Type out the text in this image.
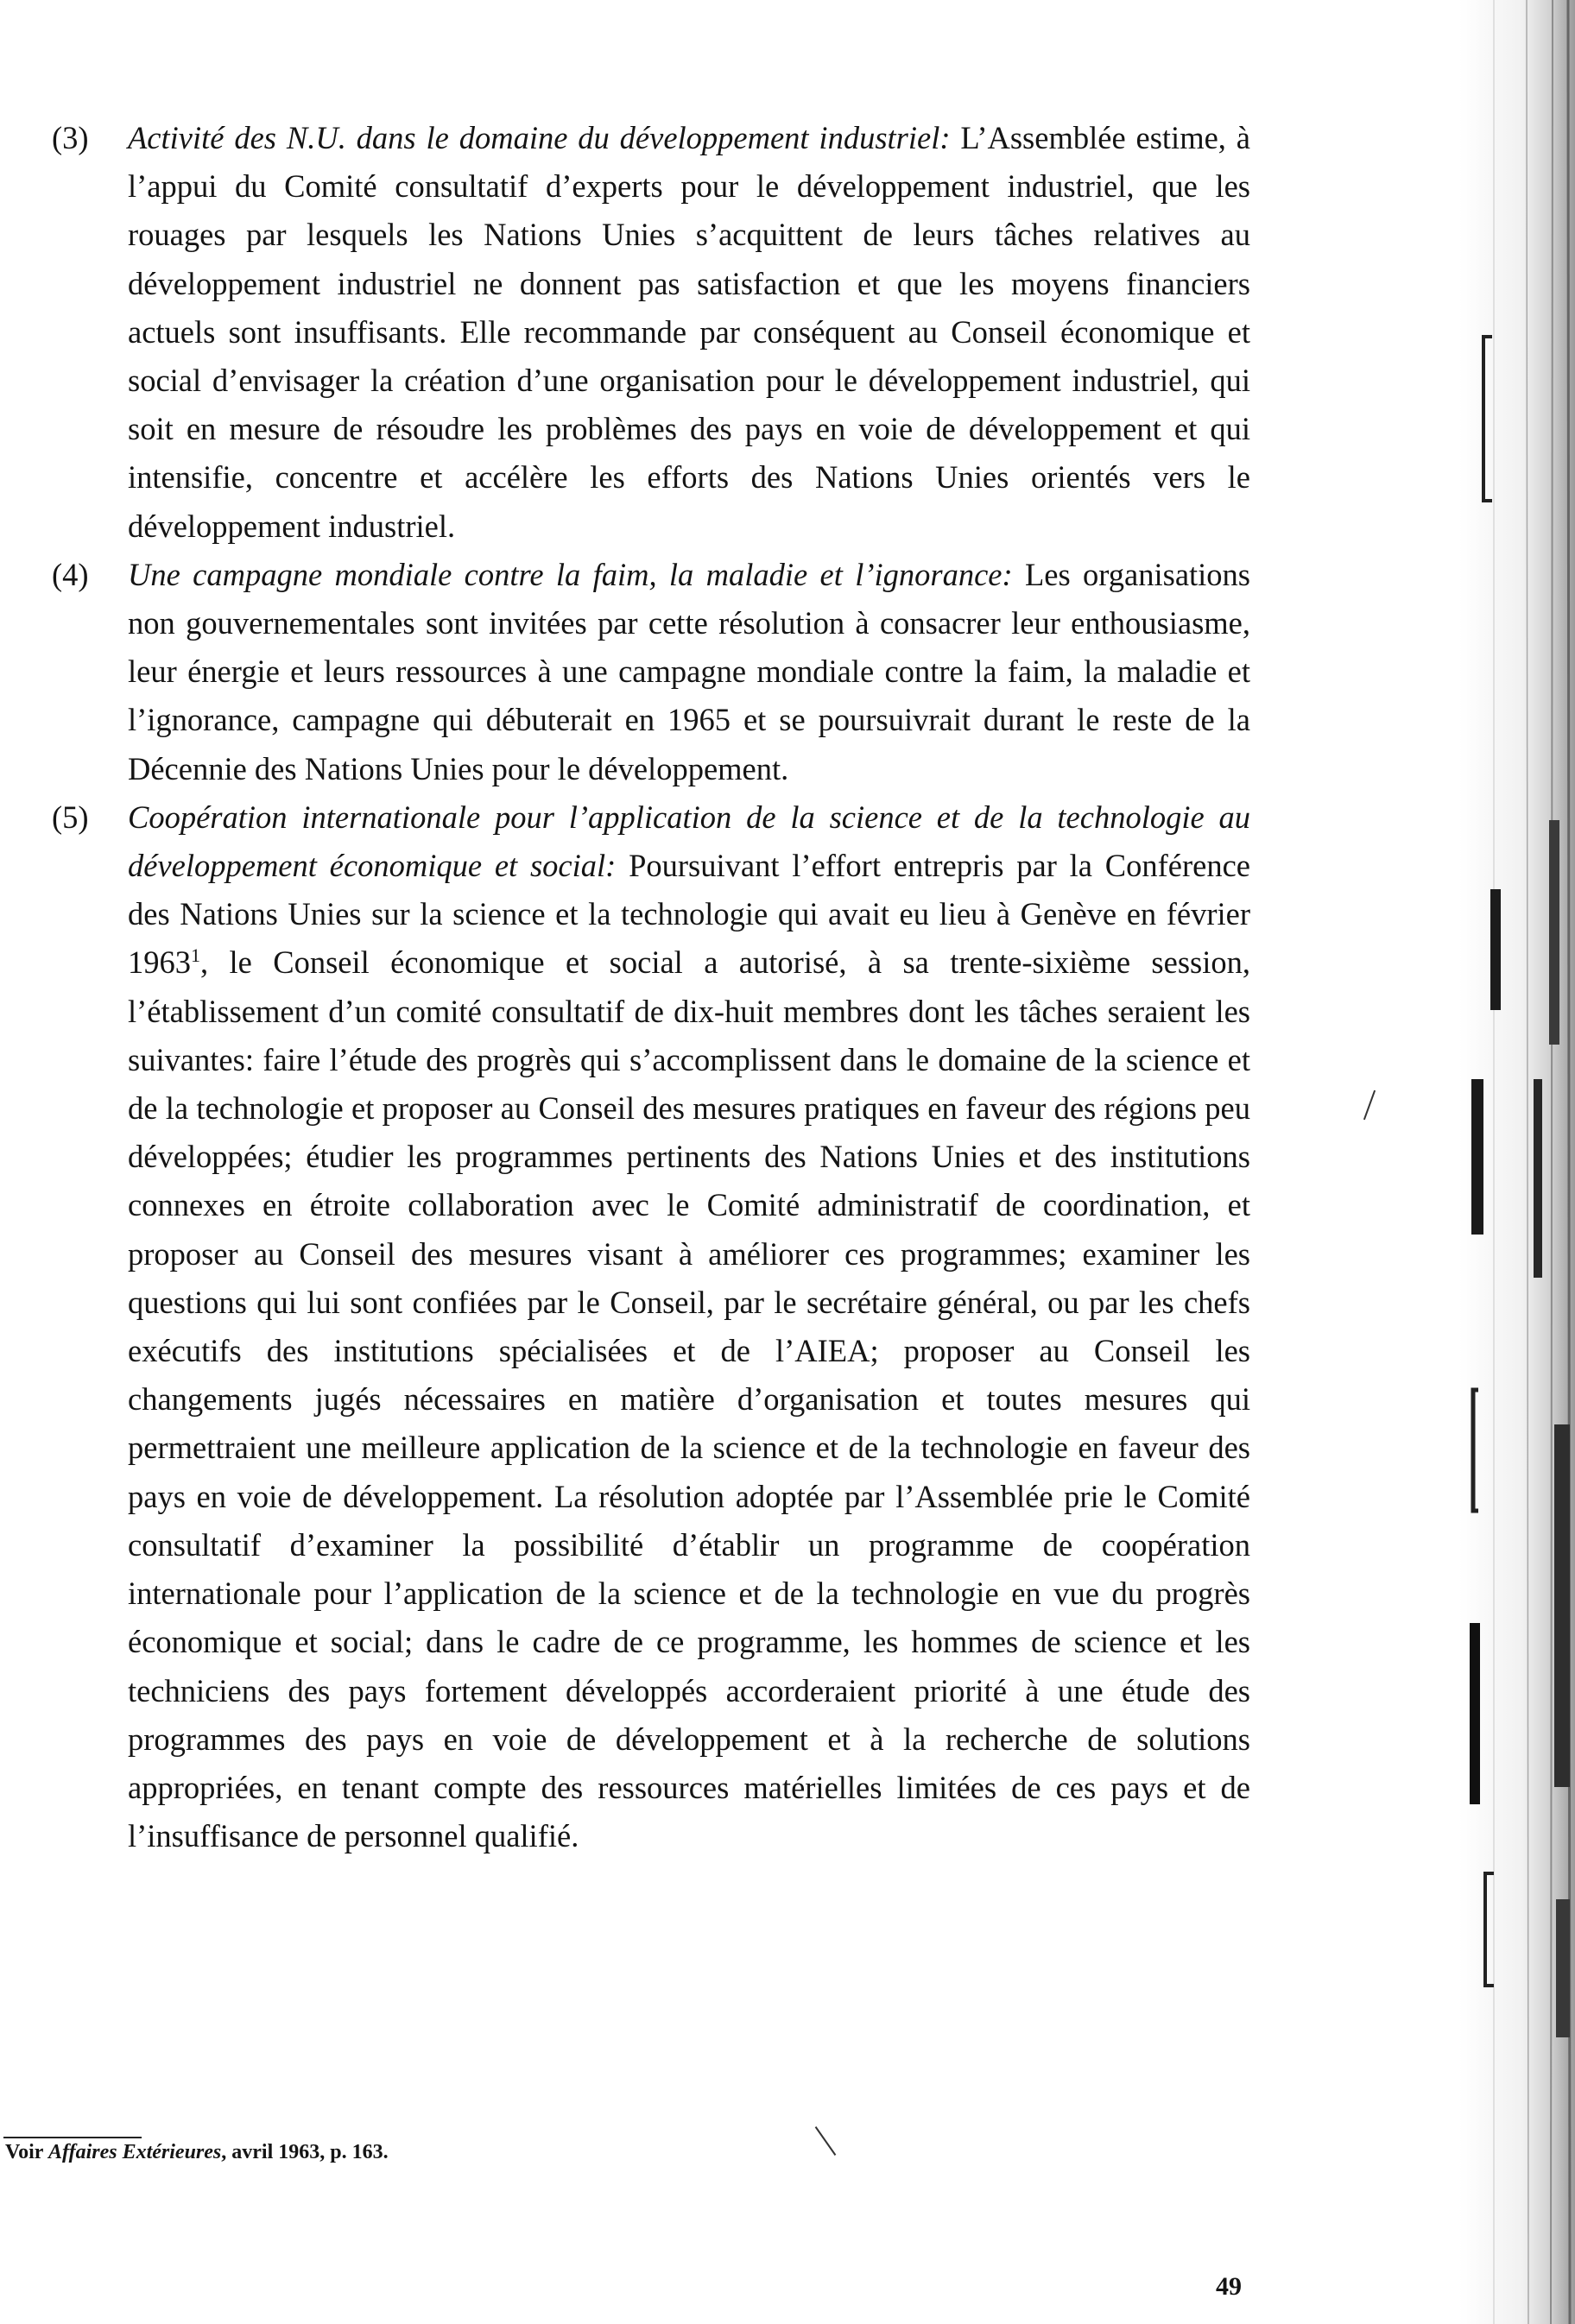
(3) Activité des N.U. dans le domaine du développement industriel: L’Assemblée estime, à l’appui du Comité consultatif d’experts pour le développement industriel, que les rouages par lesquels les Nations Unies s’acquittent de leurs tâches relatives au développement industriel ne donnent pas satisfaction et que les moyens financiers actuels sont insuffisants. Elle recommande par conséquent au Conseil économique et social d’envisager la création d’une organisation pour le développement industriel, qui soit en mesure de résoudre les problèmes des pays en voie de développement et qui intensifie, concentre et accélère les efforts des Nations Unies orientés vers le développement industriel.

(4) Une campagne mondiale contre la faim, la maladie et l’ignorance: Les organisations non gouvernementales sont invitées par cette résolution à consacrer leur enthousiasme, leur énergie et leurs ressources à une campagne mondiale contre la faim, la maladie et l’ignorance, campagne qui débuterait en 1965 et se poursuivrait durant le reste de la Décennie des Nations Unies pour le développement.

(5) Coopération internationale pour l’application de la science et de la technologie au développement économique et social: Poursuivant l’effort entrepris par la Conférence des Nations Unies sur la science et la technologie qui avait eu lieu à Genève en février 1963$^1$, le Conseil économique et social a autorisé, à sa trente-sixième session, l’établissement d’un comité consultatif de dix-huit membres dont les tâches seraient les suivantes: faire l’étude des progrès qui s’accomplissent dans le domaine de la science et de la technologie et proposer au Conseil des mesures pratiques en faveur des régions peu développées; étudier les programmes pertinents des Nations Unies et des institutions connexes en étroite collaboration avec le Comité administratif de coordination, et proposer au Conseil des mesures visant à améliorer ces programmes; examiner les questions qui lui sont confiées par le Conseil, par le secrétaire général, ou par les chefs exécutifs des institutions spécialisées et de l’AIEA; proposer au Conseil les changements jugés nécessaires en matière d’organisation et toutes mesures qui permettraient une meilleure application de la science et de la technologie en faveur des pays en voie de développement. La résolution adoptée par l’Assemblée prie le Comité consultatif d’examiner la possibilité d’établir un programme de coopération internationale pour l’application de la science et de la technologie en vue du progrès économique et social; dans le cadre de ce programme, les hommes de science et les techniciens des pays fortement développés accorderaient priorité à une étude des programmes des pays en voie de développement et à la recherche de solutions appropriées, en tenant compte des ressources matérielles limitées de ces pays et de l’insuffisance de personnel qualifié.

Voir Affaires Extérieures, avril 1963, p. 163.
49
